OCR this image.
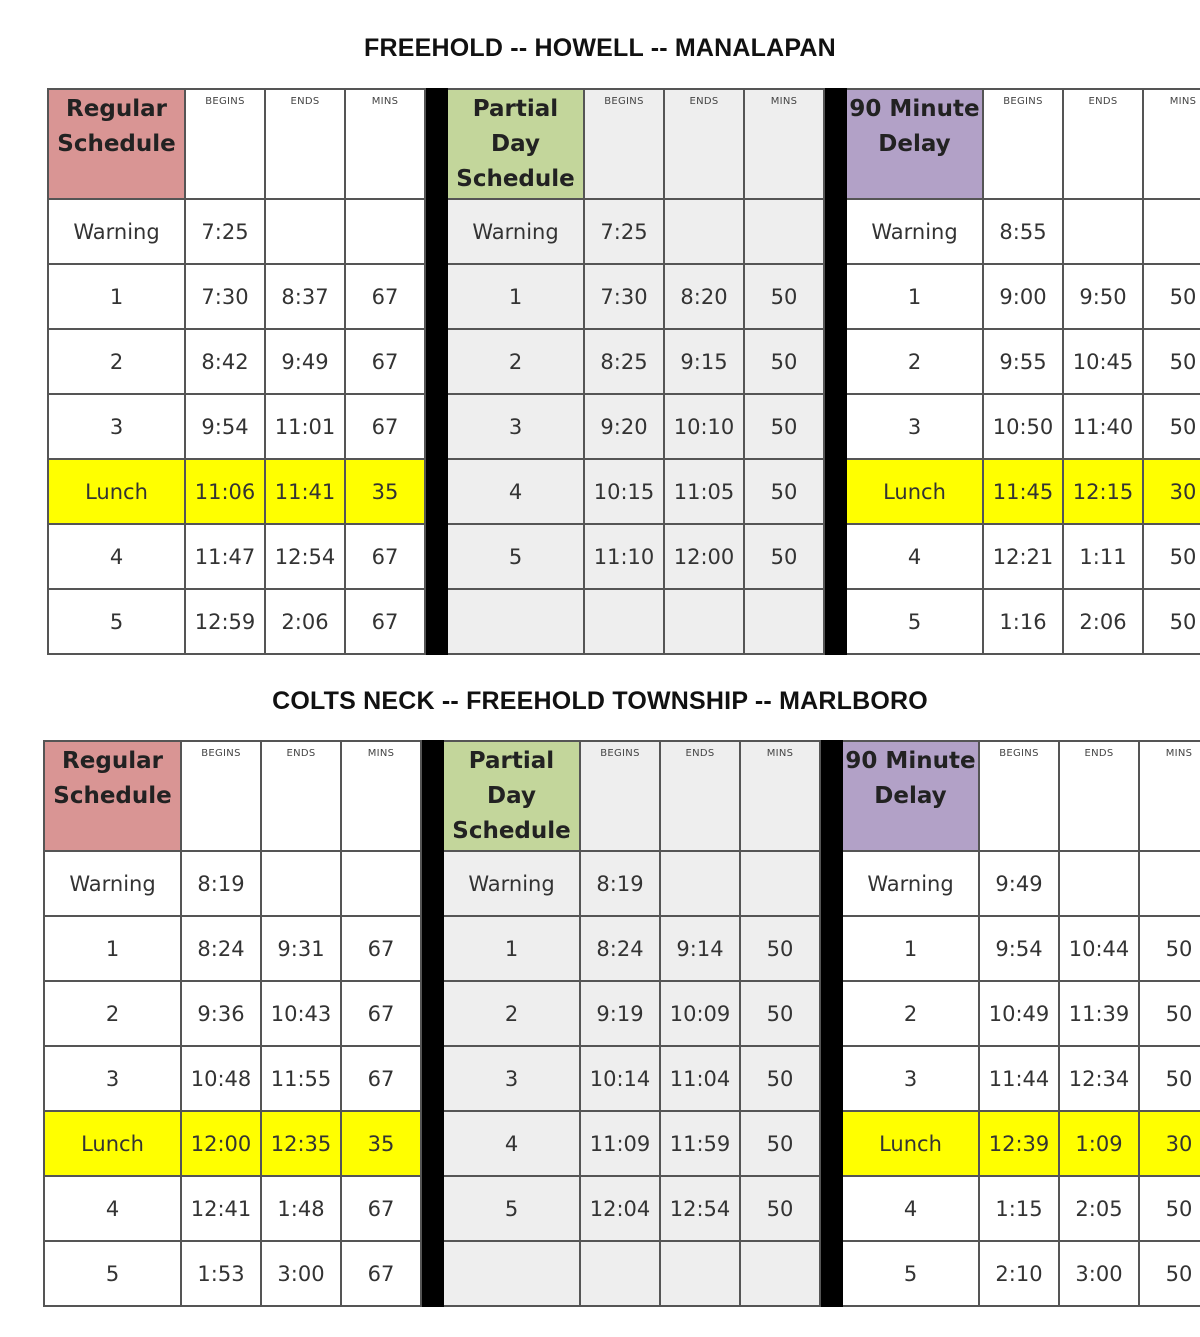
FREEHOLD -- HOWELL -- MANALAPAN
Regular Schedule	BEGINS	ENDS	MINS		Partial Day Schedule	BEGINS	ENDS	MINS		90 Minute Delay	BEGINS	ENDS	MINS
Warning	7:25				Warning	7:25				Warning	8:55		
1	7:30	8:37	67		1	7:30	8:20	50		1	9:00	9:50	50
2	8:42	9:49	67		2	8:25	9:15	50		2	9:55	10:45	50
3	9:54	11:01	67		3	9:20	10:10	50		3	10:50	11:40	50
Lunch	11:06	11:41	35		4	10:15	11:05	50		Lunch	11:45	12:15	30
4	11:47	12:54	67		5	11:10	12:00	50		4	12:21	1:11	50
5	12:59	2:06	67							5	1:16	2:06	50
COLTS NECK -- FREEHOLD TOWNSHIP -- MARLBORO
Regular Schedule	BEGINS	ENDS	MINS		Partial Day Schedule	BEGINS	ENDS	MINS		90 Minute Delay	BEGINS	ENDS	MINS
Warning	8:19				Warning	8:19				Warning	9:49		
1	8:24	9:31	67		1	8:24	9:14	50		1	9:54	10:44	50
2	9:36	10:43	67		2	9:19	10:09	50		2	10:49	11:39	50
3	10:48	11:55	67		3	10:14	11:04	50		3	11:44	12:34	50
Lunch	12:00	12:35	35		4	11:09	11:59	50		Lunch	12:39	1:09	30
4	12:41	1:48	67		5	12:04	12:54	50		4	1:15	2:05	50
5	1:53	3:00	67							5	2:10	3:00	50
